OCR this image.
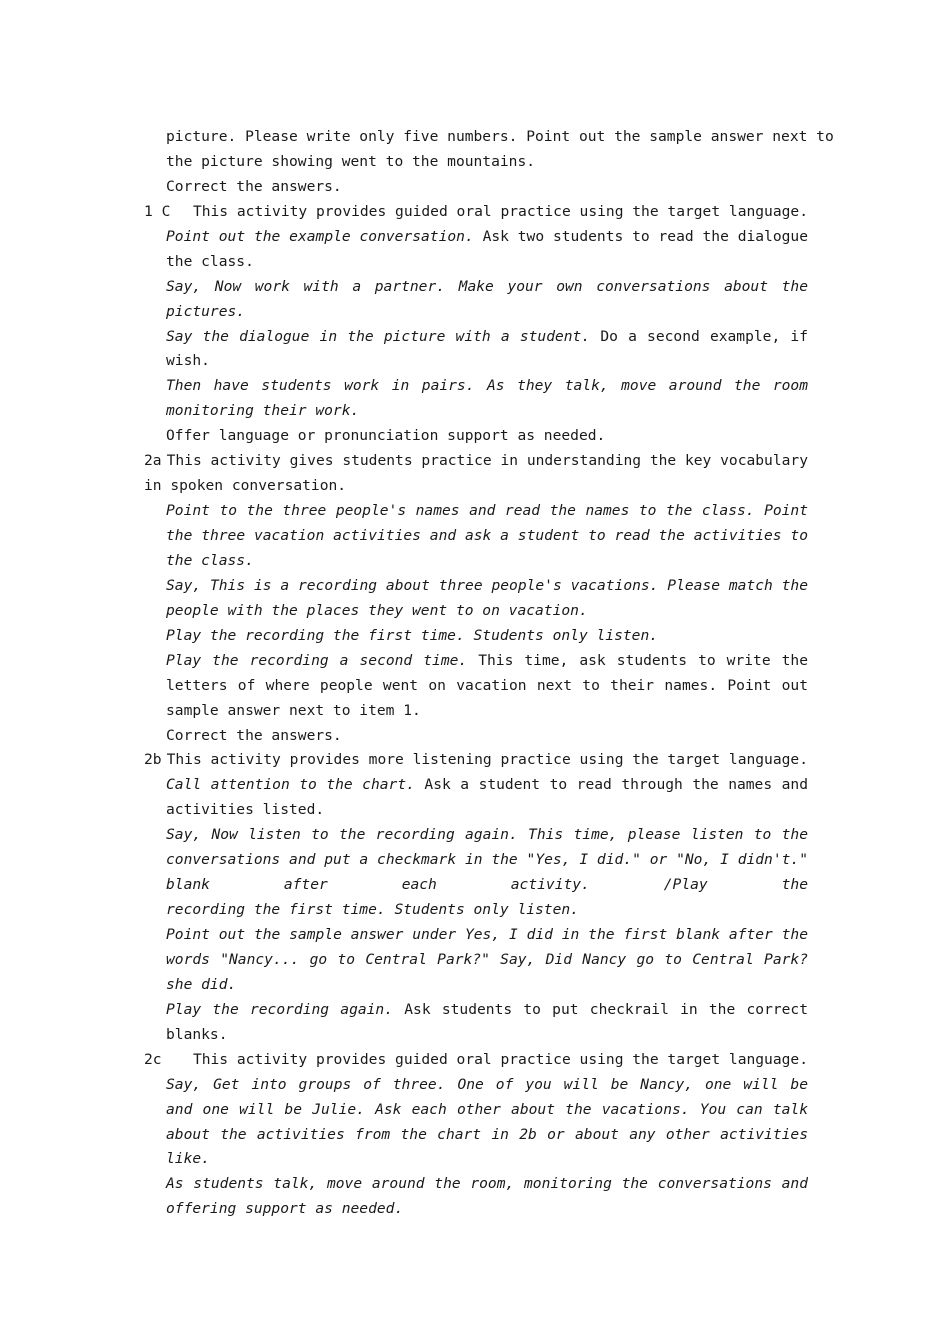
picture. Please write only five numbers. Point out the sample answer next to
the picture showing went to the mountains.
Correct the answers.
1 C	This activity provides guided oral practice using the target language.
Point out the example conversation. Ask two students to read the dialogue
the class.
Say, Now work with a partner. Make your own conversations about the
pictures.
Say the dialogue in the picture with a student. Do a second example, if
wish.
Then have students work in pairs. As they talk, move around the room
monitoring their work.
Offer language or pronunciation support as needed.
2a This activity gives students practice in understanding the key vocabulary
in spoken conversation.
Point to the three people's names and read the names to the class. Point
the three vacation activities and ask a student to read the activities to
the class.
Say, This is a recording about three people's vacations. Please match the
people with the places they went to on vacation.
Play the recording the first time. Students only listen.
Play the recording a second time. This time, ask students to write the
letters of where people went on vacation next to their names. Point out
sample answer next to item 1.
Correct the answers.
2b This activity provides more listening practice using the target language.
Call attention to the chart. Ask a student to read through the names and
activities listed.
Say, Now listen to the recording again. This time, please listen to the
conversations and put a checkmark in the "Yes, I did." or "No, I didn't."
blank after each activity.	/Play the
recording the first time. Students only listen.
Point out the sample answer under Yes, I did in the first blank after the
words "Nancy... go to Central Park?" Say, Did Nancy go to Central Park?
she did.
Play the recording again. Ask students to put checkrail in the correct
blanks.
2c	This activity provides guided oral practice using the target language.
Say, Get into groups of three. One of you will be Nancy, one will be
and one will be Julie. Ask each other about the vacations. You can talk
about the activities from the chart in 2b or about any other activities
like.
As students talk, move around the room, monitoring the conversations and
offering support as needed.
